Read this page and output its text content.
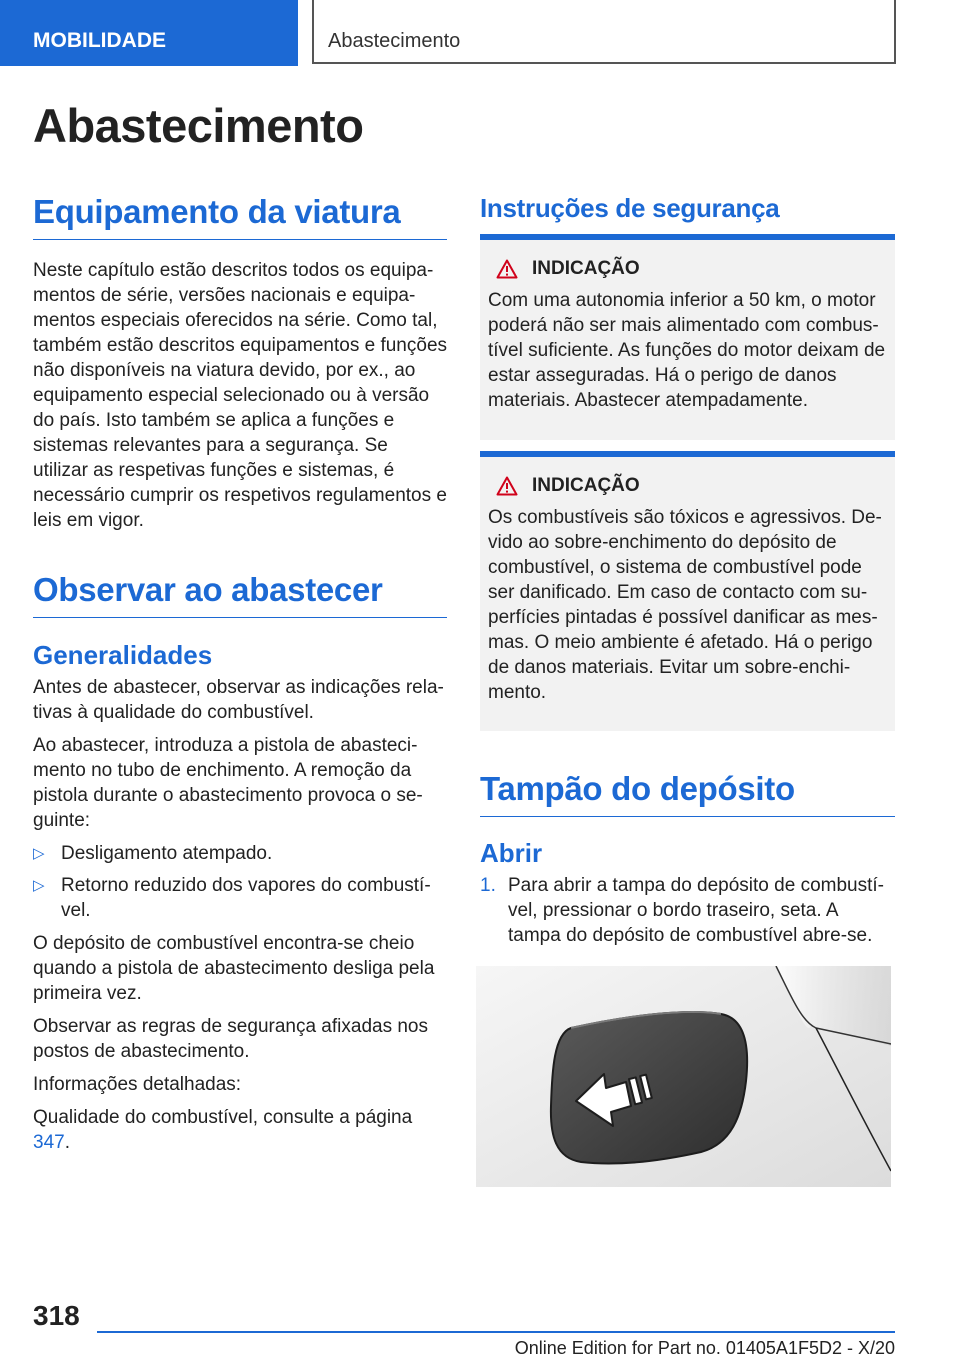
MOBILIDADE	Abastecimento
Abastecimento
Equipamento da viatura

Neste capítulo estão descritos todos os equipamentos de série, versões nacionais e equipamentos especiais oferecidos na série. Como tal, também estão descritos equipamentos e funções não disponíveis na viatura devido, por ex., ao equipamento especial selecionado ou à versão do país. Isto também se aplica a funções e sistemas relevantes para a segurança. Se utilizar as respetivas funções e sistemas, é necessário cumprir os respetivos regulamentos e leis em vigor.

Observar ao abastecer
Generalidades

Antes de abastecer, observar as indicações relativas à qualidade do combustível.

Ao abastecer, introduza a pistola de abastecimento no tubo de enchimento. A remoção da pistola durante o abastecimento provoca o seguinte:

▷ Desligamento atempado.
▷ Retorno reduzido dos vapores do combustível.

O depósito de combustível encontra-se cheio quando a pistola de abastecimento desliga pela primeira vez.

Observar as regras de segurança afixadas nos postos de abastecimento.

Informações detalhadas:

Qualidade do combustível, consulte a página 347.

Instruções de segurança
INDICAÇÃO

Com uma autonomia inferior a 50 km, o motor poderá não ser mais alimentado com combustível suficiente. As funções do motor deixam de estar asseguradas. Há o perigo de danos materiais. Abastecer atempadamente.

INDICAÇÃO

Os combustíveis são tóxicos e agressivos. Devido ao sobre-enchimento do depósito de combustível, o sistema de combustível pode ser danificado. Em caso de contacto com superfícies pintadas é possível danificar as mesmas. O meio ambiente é afetado. Há o perigo de danos materiais. Evitar um sobre-enchimento.

Tampão do depósito
Abrir
1. Para abrir a tampa do depósito de combustível, pressionar o bordo traseiro, seta. A tampa do depósito de combustível abre-se.
318
Online Edition for Part no. 01405A1F5D2 - X/20
